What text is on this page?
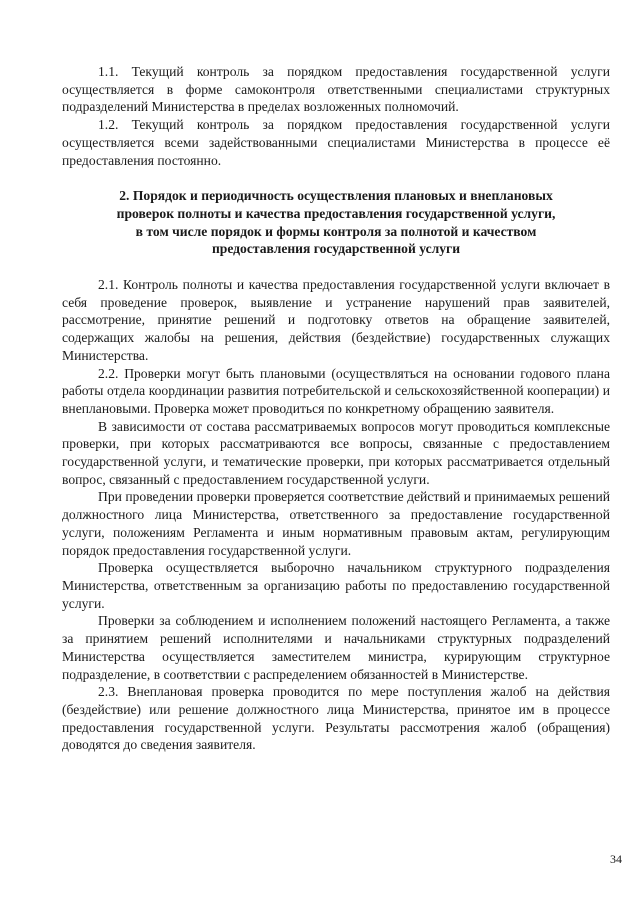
1.1. Текущий контроль за порядком предоставления государственной услуги осуществляется в форме самоконтроля ответственными специалистами структурных подразделений Министерства в пределах возложенных полномочий.

1.2. Текущий контроль за порядком предоставления государственной услуги осуществляется всеми задействованными специалистами Министерства в процессе её предоставления постоянно.

2. Порядок и периодичность осуществления плановых и внеплановых
проверок полноты и качества предоставления государственной услуги,
в том числе порядок и формы контроля за полнотой и качеством
предоставления государственной услуги

2.1. Контроль полноты и качества предоставления государственной услуги включает в себя проведение проверок, выявление и устранение нарушений прав заявителей, рассмотрение, принятие решений и подготовку ответов на обращение заявителей, содержащих жалобы на решения, действия (бездействие) государственных служащих Министерства.

2.2. Проверки могут быть плановыми (осуществляться на основании годового плана работы отдела координации развития потребительской и сельскохозяйственной кооперации) и внеплановыми. Проверка может проводиться по конкретному обращению заявителя.

В зависимости от состава рассматриваемых вопросов могут проводиться комплексные проверки, при которых рассматриваются все вопросы, связанные с предоставлением государственной услуги, и тематические проверки, при которых рассматривается отдельный вопрос, связанный с предоставлением государственной услуги.

При проведении проверки проверяется соответствие действий и принимаемых решений должностного лица Министерства, ответственного за предоставление государственной услуги, положениям Регламента и иным нормативным правовым актам, регулирующим порядок предоставления государственной услуги.

Проверка осуществляется выборочно начальником структурного подразделения Министерства, ответственным за организацию работы по предоставлению государственной услуги.

Проверки за соблюдением и исполнением положений настоящего Регламента, а также за принятием решений исполнителями и начальниками структурных подразделений Министерства осуществляется заместителем министра, курирующим структурное подразделение, в соответствии с распределением обязанностей в Министерстве.

2.3. Внеплановая проверка проводится по мере поступления жалоб на действия (бездействие) или решение должностного лица Министерства, принятое им в процессе предоставления государственной услуги. Результаты рассмотрения жалоб (обращения) доводятся до сведения заявителя.

34
